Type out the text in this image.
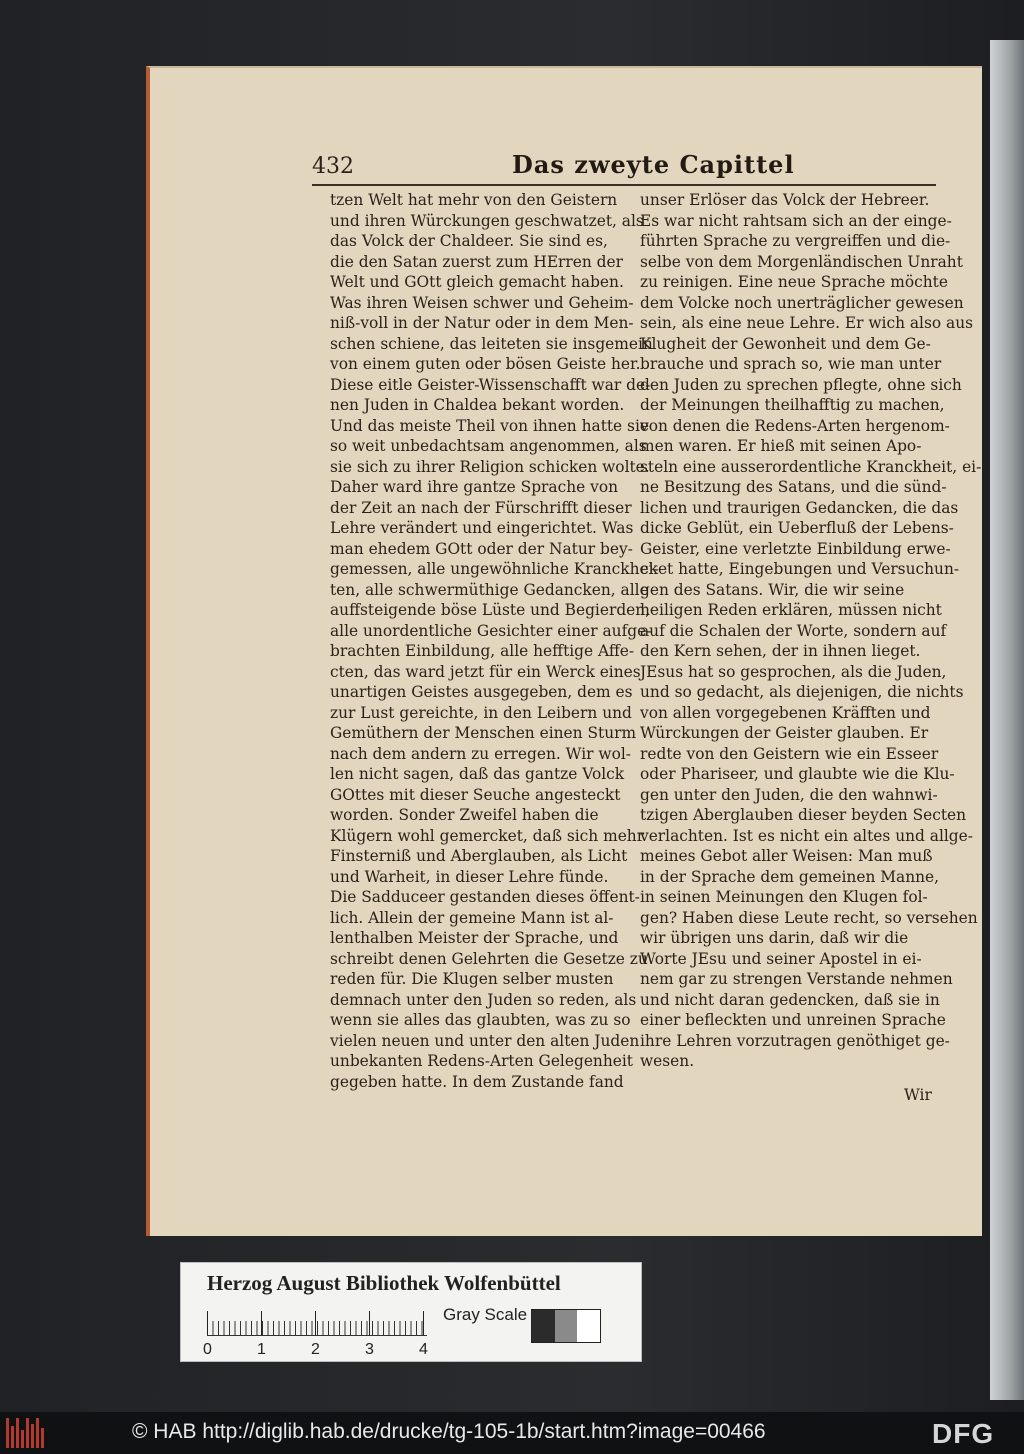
432	Das zweyte Capittel
tzen Welt hat mehr von den Geistern
und ihren Würckungen geschwatzet, als
das Volck der Chaldeer. Sie sind es,
die den Satan zuerst zum HErren der
Welt und GOtt gleich gemacht haben.
Was ihren Weisen schwer und Geheim-
niß-voll in der Natur oder in dem Men-
schen schiene, das leiteten sie insgemein
von einem guten oder bösen Geiste her.
Diese eitle Geister-Wissenschafft war de-
nen Juden in Chaldea bekant worden.
Und das meiste Theil von ihnen hatte sie
so weit unbedachtsam angenommen, als
sie sich zu ihrer Religion schicken wolte.
Daher ward ihre gantze Sprache von
der Zeit an nach der Fürschrifft dieser
Lehre verändert und eingerichtet. Was
man ehedem GOtt oder der Natur bey-
gemessen, alle ungewöhnliche Kranckhei-
ten, alle schwermüthige Gedancken, alle
auffsteigende böse Lüste und Begierden,
alle unordentliche Gesichter einer aufge-
brachten Einbildung, alle hefftige Affe-
cten, das ward jetzt für ein Werck eines
unartigen Geistes ausgegeben, dem es
zur Lust gereichte, in den Leibern und
Gemüthern der Menschen einen Sturm
nach dem andern zu erregen. Wir wol-
len nicht sagen, daß das gantze Volck
GOttes mit dieser Seuche angesteckt
worden. Sonder Zweifel haben die
Klügern wohl gemercket, daß sich mehr
Finsterniß und Aberglauben, als Licht
und Warheit, in dieser Lehre fünde.
Die Sadduceer gestanden dieses öffent-
lich. Allein der gemeine Mann ist al-
lenthalben Meister der Sprache, und
schreibt denen Gelehrten die Gesetze zu
reden für. Die Klugen selber musten
demnach unter den Juden so reden, als
wenn sie alles das glaubten, was zu so
vielen neuen und unter den alten Juden
unbekanten Redens-Arten Gelegenheit
gegeben hatte. In dem Zustande fand
unser Erlöser das Volck der Hebreer.
Es war nicht rahtsam sich an der einge-
führten Sprache zu vergreiffen und die-
selbe von dem Morgenländischen Unraht
zu reinigen. Eine neue Sprache möchte
dem Volcke noch unerträglicher gewesen
sein, als eine neue Lehre. Er wich also aus
Klugheit der Gewonheit und dem Ge-
brauche und sprach so, wie man unter
den Juden zu sprechen pflegte, ohne sich
der Meinungen theilhafftig zu machen,
von denen die Redens-Arten hergenom-
men waren. Er hieß mit seinen Apo-
steln eine ausserordentliche Kranckheit, ei-
ne Besitzung des Satans, und die sünd-
lichen und traurigen Gedancken, die das
dicke Geblüt, ein Ueberfluß der Lebens-
Geister, eine verletzte Einbildung erwe-
cket hatte, Eingebungen und Versuchun-
gen des Satans. Wir, die wir seine
heiligen Reden erklären, müssen nicht
auf die Schalen der Worte, sondern auf
den Kern sehen, der in ihnen lieget.
JEsus hat so gesprochen, als die Juden,
und so gedacht, als diejenigen, die nichts
von allen vorgegebenen Kräfften und
Würckungen der Geister glauben. Er
redte von den Geistern wie ein Esseer
oder Phariseer, und glaubte wie die Klu-
gen unter den Juden, die den wahnwi-
tzigen Aberglauben dieser beyden Secten
verlachten. Ist es nicht ein altes und allge-
meines Gebot aller Weisen: Man muß
in der Sprache dem gemeinen Manne,
in seinen Meinungen den Klugen fol-
gen? Haben diese Leute recht, so versehen
wir übrigen uns darin, daß wir die
Worte JEsu und seiner Apostel in ei-
nem gar zu strengen Verstande nehmen
und nicht daran gedencken, daß sie in
einer befleckten und unreinen Sprache
ihre Lehren vorzutragen genöthiget ge-
wesen.
Wir
Herzog August Bibliothek Wolfenbüttel
0	1	2	3	4
Gray Scale
© HAB http://diglib.hab.de/drucke/tg-105-1b/start.htm?image=00466	DFG
